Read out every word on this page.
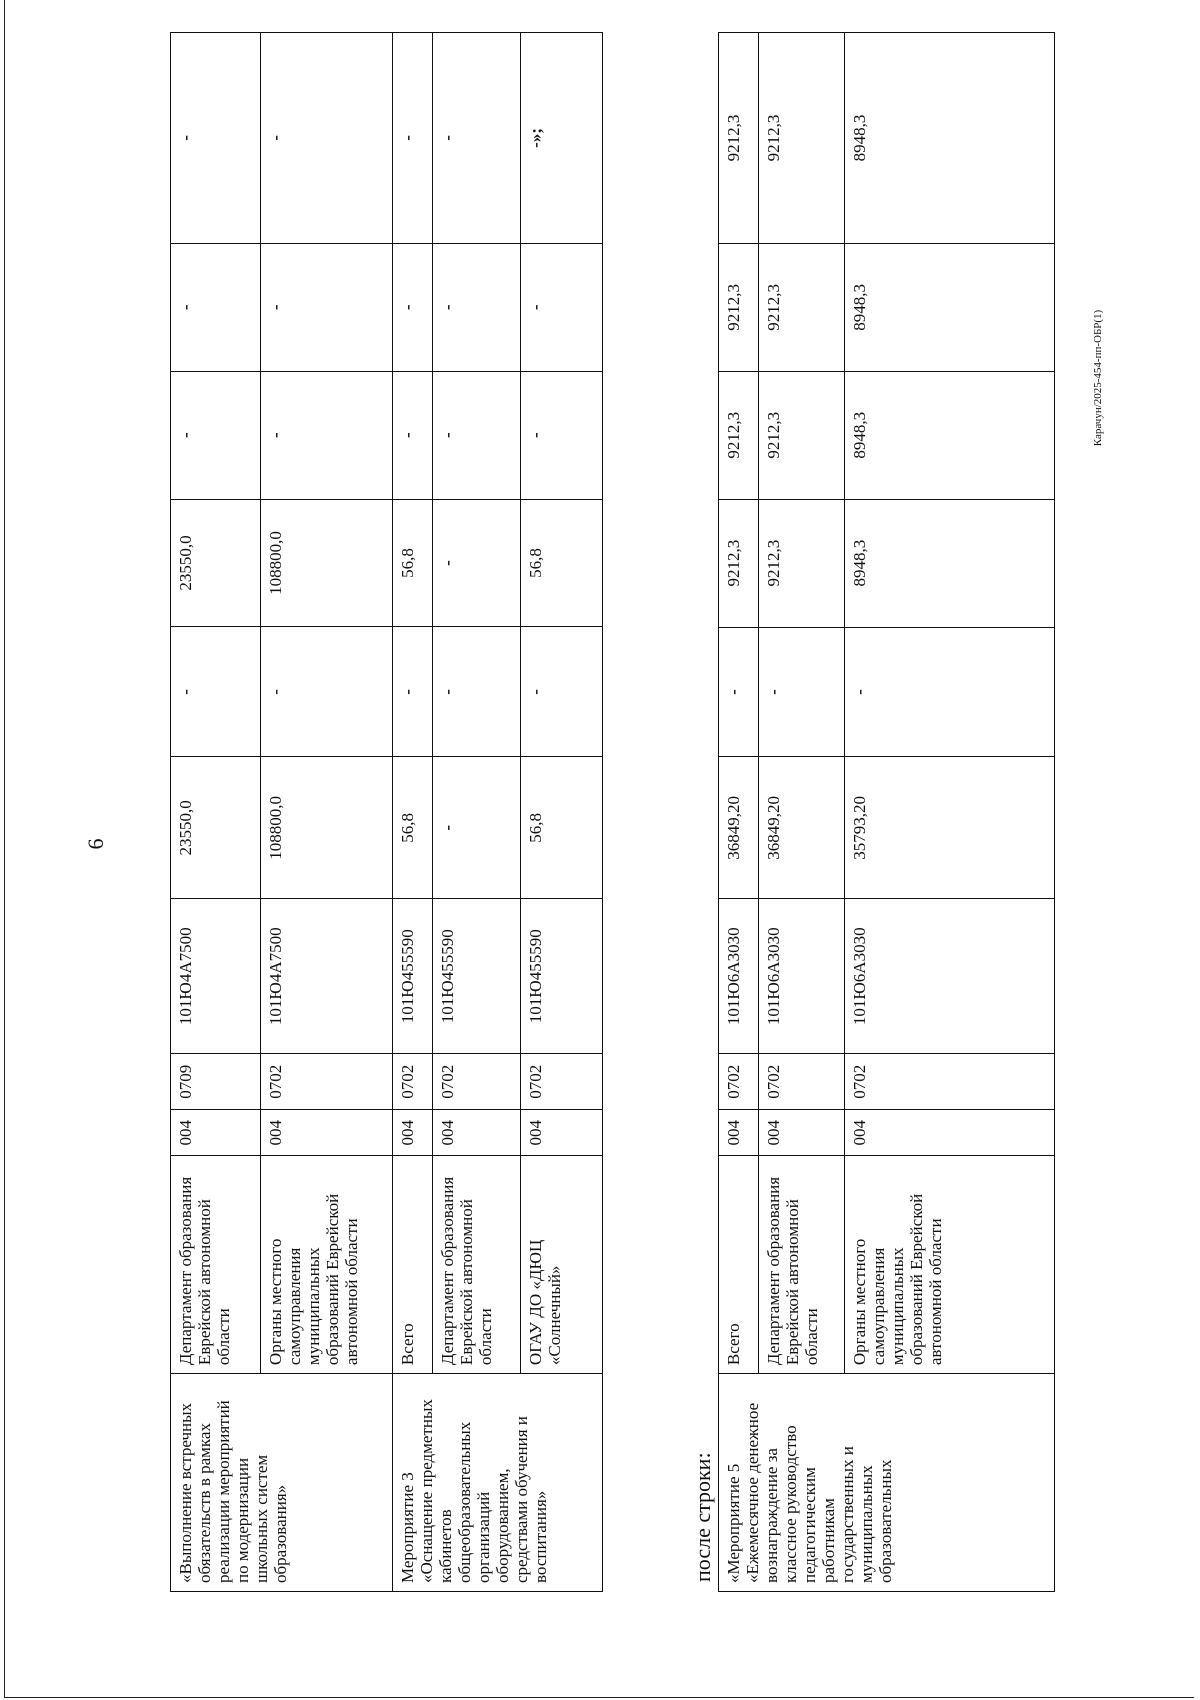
6
Карачун/2025-454-пп-ОБР(1)
«Выполнение встречных обязательств в рамках реализации мероприятий по модернизации школьных систем образования»	Департамент образования Еврейской автономной области	004	0709	101Ю4А7500	23550,0	-	23550,0	-	-	-
	Органы местного самоуправления муниципальных образований Еврейской автономной области	004	0702	101Ю4А7500	108800,0	-	108800,0	-	-	-
Мероприятие 3 «Оснащение предметных кабинетов общеобразовательных организаций оборудованием, средствами обучения и воспитания»	Всего	004	0702	101Ю455590	56,8	-	56,8	-	-	-
	Департамент образования Еврейской автономной области	004	0702	101Ю455590	-	-	-	-	-	-
	ОГАУ ДО «ДЮЦ «Солнечный»	004	0702	101Ю455590	56,8	-	56,8	-	-	-»;
после строки: «Мероприятие 5 «Ежемесячное денежное вознаграждение за классное руководство педагогическим работникам государственных и муниципальных образовательных	Всего	004	0702	101Ю6А3030	36849,20	-	9212,3	9212,3	9212,3	9212,3
	Департамент образования Еврейской автономной области	004	0702	101Ю6А3030	36849,20	-	9212,3	9212,3	9212,3	9212,3
	Органы местного самоуправления муниципальных образований Еврейской автономной области	004	0702	101Ю6А3030	35793,20	-	8948,3	8948,3	8948,3	8948,3
